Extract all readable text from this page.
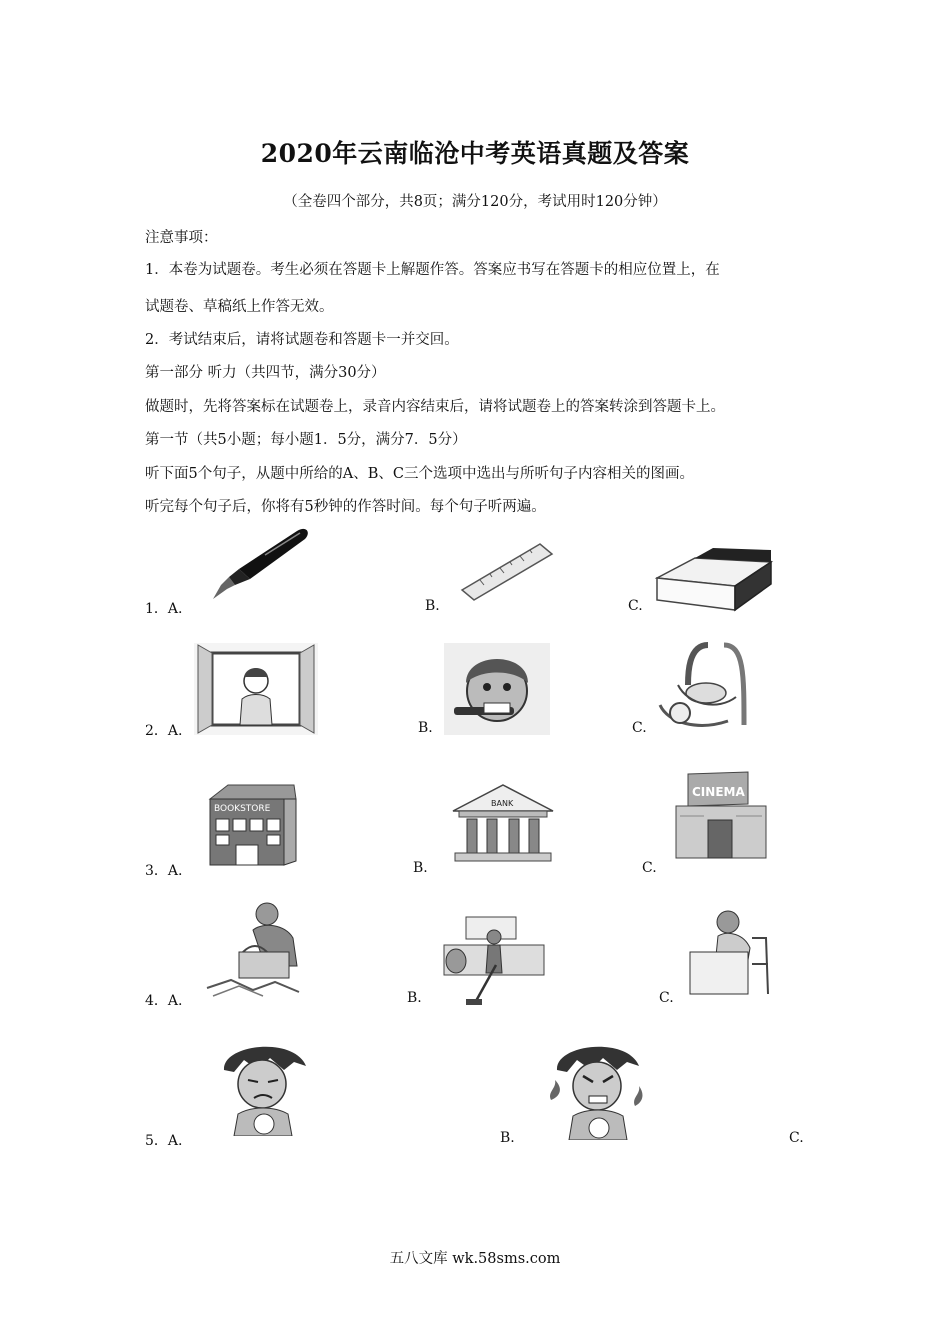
2020年云南临沧中考英语真题及答案
（全卷四个部分，共8页；满分120分，考试用时120分钟）
注意事项：
1．本卷为试题卷。考生必须在答题卡上解题作答。答案应书写在答题卡的相应位置上，在
试题卷、草稿纸上作答无效。
2．考试结束后，请将试题卷和答题卡一并交回。
第一部分 听力（共四节，满分30分）
做题时，先将答案标在试题卷上，录音内容结束后，请将试题卷上的答案转涂到答题卡上。
第一节（共5小题；每小题1．5分，满分7．5分）
听下面5个句子，从题中所给的A、B、C三个选项中选出与所听句子内容相关的图画。
听完每个句子后，你将有5秒钟的作答时间。每个句子听两遍。
1．A.	B.	C.
2．A.	B.	C.
3．A.
BOOKSTORE
B.
BANK
C.
CINEMA
4．A.	B.	C.
5．A.	B.	C.
五八文库 wk.58sms.com
